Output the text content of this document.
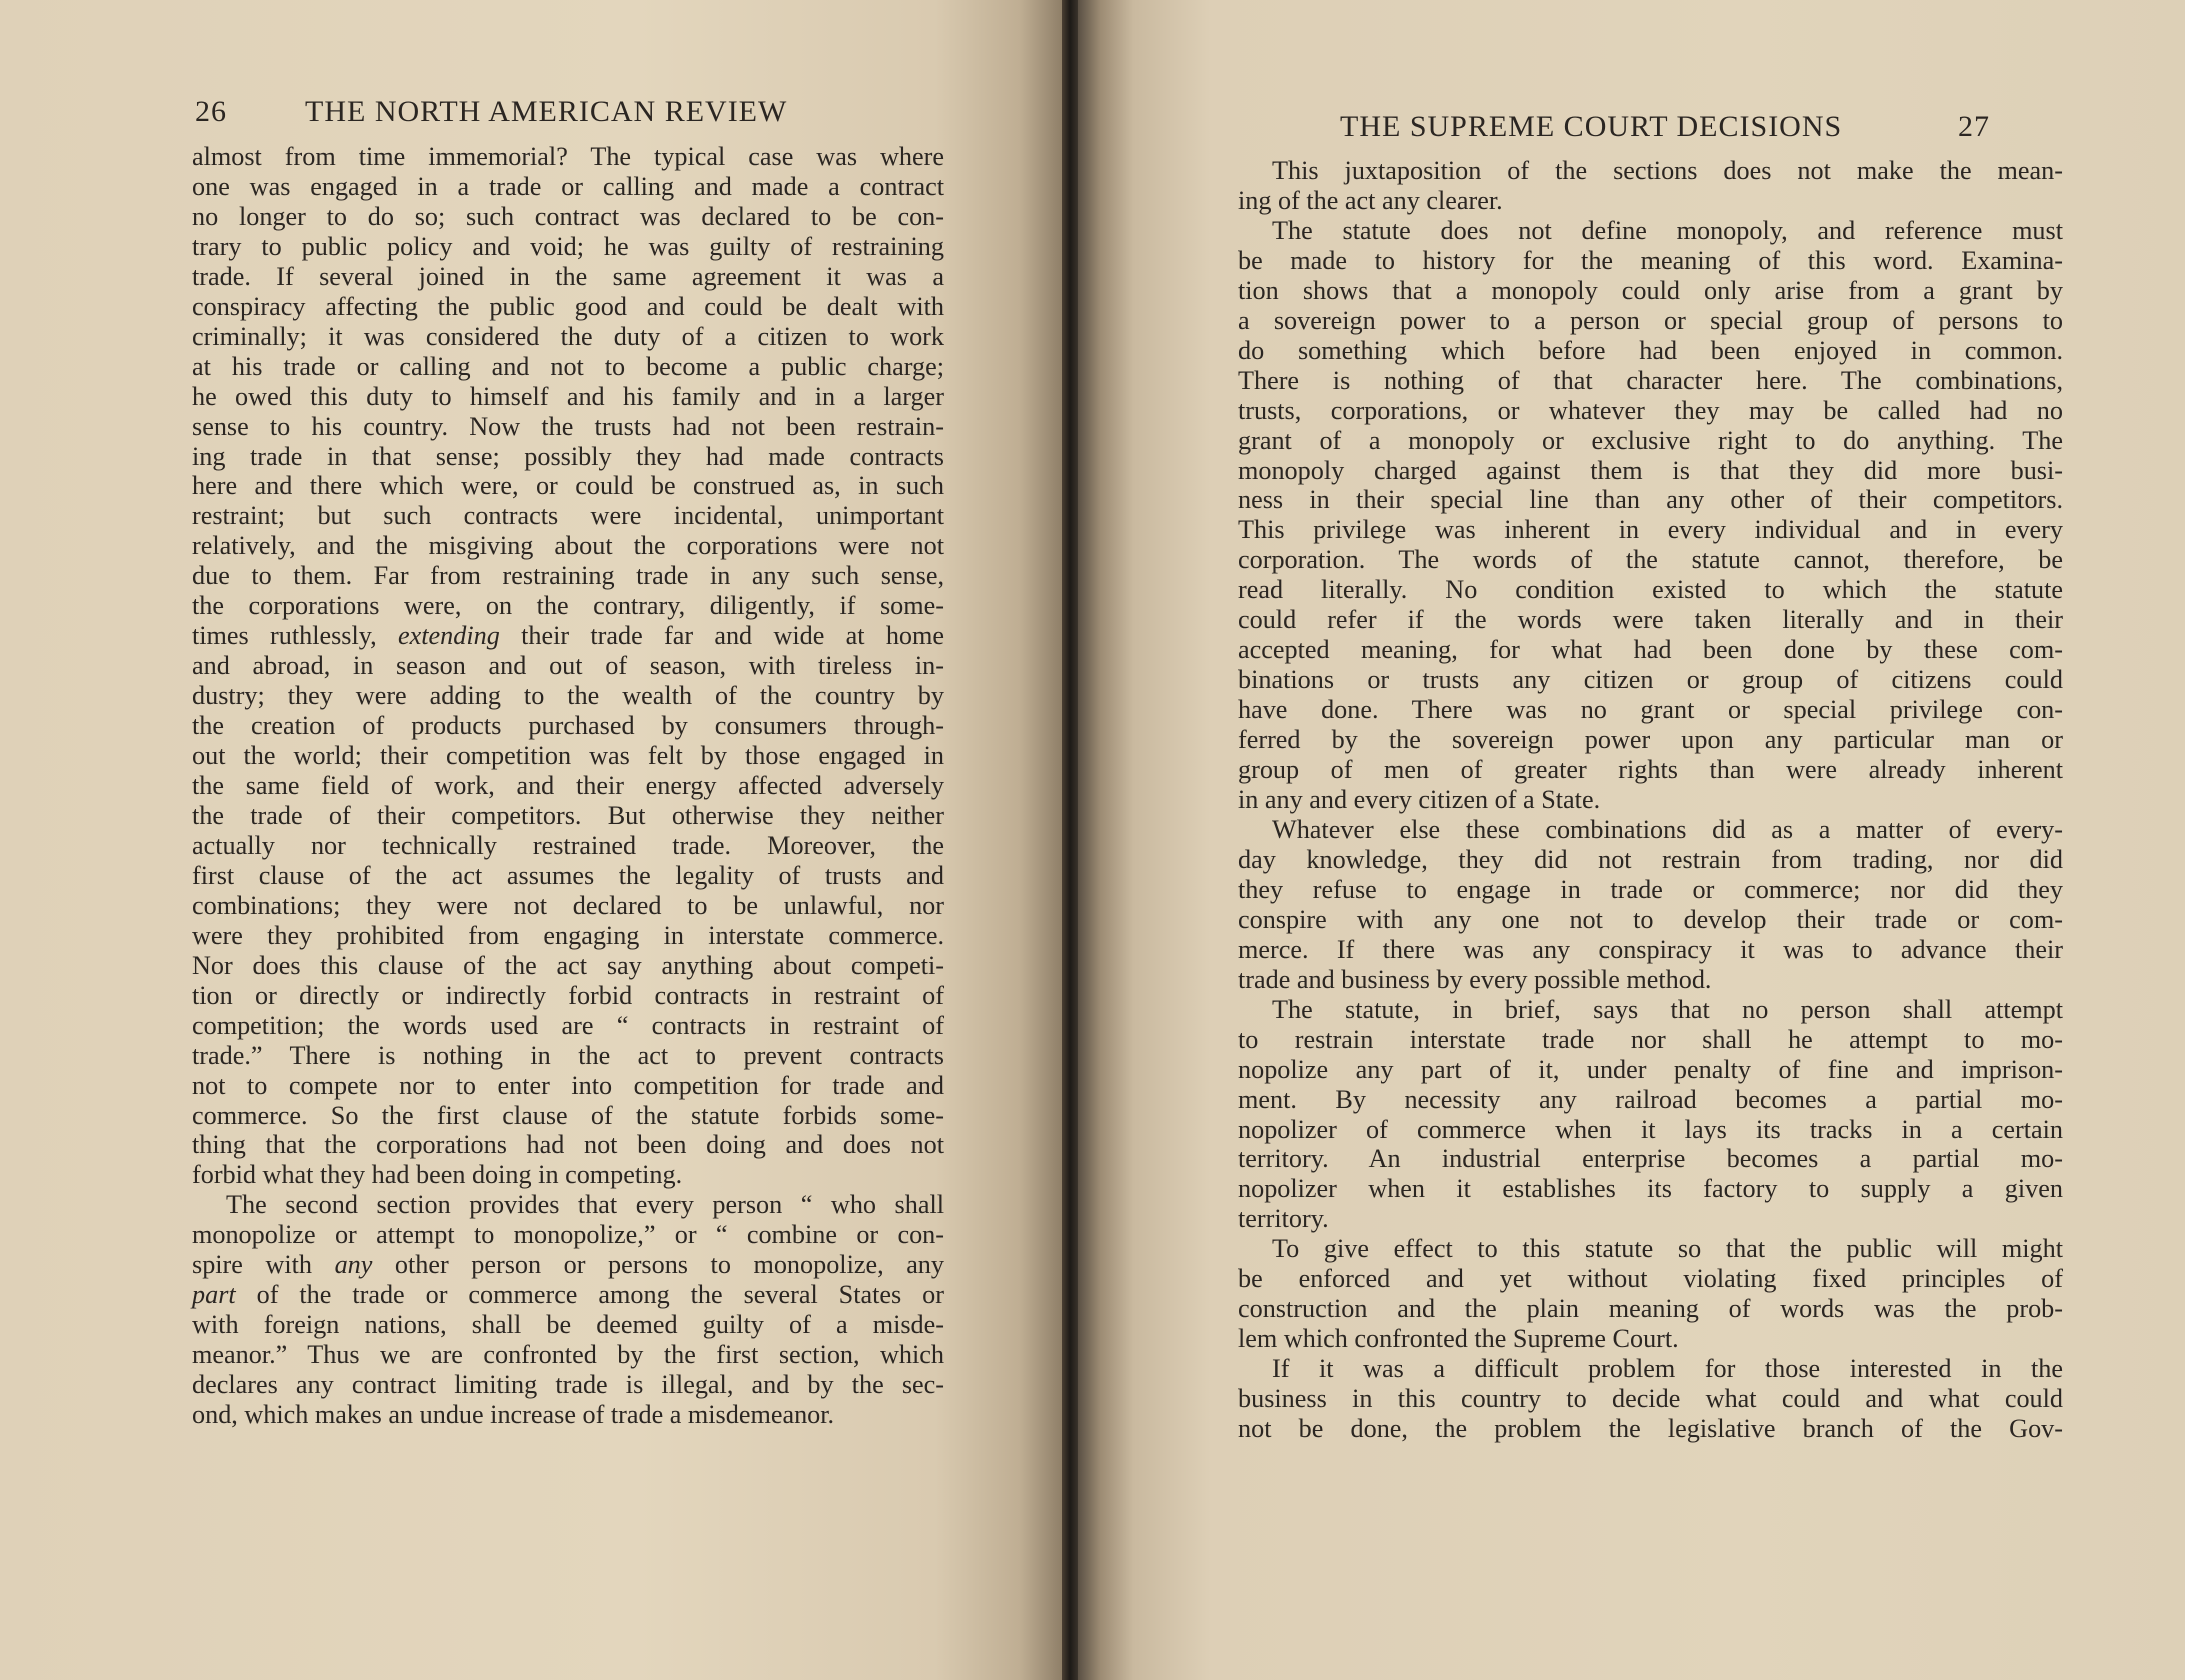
26	THE NORTH AMERICAN REVIEW
almost from time immemorial? The typical case was where
one was engaged in a trade or calling and made a contract
no longer to do so; such contract was declared to be con-
trary to public policy and void; he was guilty of restraining
trade. If several joined in the same agreement it was a
conspiracy affecting the public good and could be dealt with
criminally; it was considered the duty of a citizen to work
at his trade or calling and not to become a public charge;
he owed this duty to himself and his family and in a larger
sense to his country. Now the trusts had not been restrain-
ing trade in that sense; possibly they had made contracts
here and there which were, or could be construed as, in such
restraint; but such contracts were incidental, unimportant
relatively, and the misgiving about the corporations were not
due to them. Far from restraining trade in any such sense,
the corporations were, on the contrary, diligently, if some-
times ruthlessly, extending their trade far and wide at home
and abroad, in season and out of season, with tireless in-
dustry; they were adding to the wealth of the country by
the creation of products purchased by consumers through-
out the world; their competition was felt by those engaged in
the same field of work, and their energy affected adversely
the trade of their competitors. But otherwise they neither
actually nor technically restrained trade. Moreover, the
first clause of the act assumes the legality of trusts and
combinations; they were not declared to be unlawful, nor
were they prohibited from engaging in interstate commerce.
Nor does this clause of the act say anything about competi-
tion or directly or indirectly forbid contracts in restraint of
competition; the words used are “ contracts in restraint of
trade.” There is nothing in the act to prevent contracts
not to compete nor to enter into competition for trade and
commerce. So the first clause of the statute forbids some-
thing that the corporations had not been doing and does not
forbid what they had been doing in competing.
The second section provides that every person “ who shall
monopolize or attempt to monopolize,” or “ combine or con-
spire with any other person or persons to monopolize, any
part of the trade or commerce among the several States or
with foreign nations, shall be deemed guilty of a misde-
meanor.” Thus we are confronted by the first section, which
declares any contract limiting trade is illegal, and by the sec-
ond, which makes an undue increase of trade a misdemeanor.
THE SUPREME COURT DECISIONS	27
This juxtaposition of the sections does not make the mean-
ing of the act any clearer.
The statute does not define monopoly, and reference must
be made to history for the meaning of this word. Examina-
tion shows that a monopoly could only arise from a grant by
a sovereign power to a person or special group of persons to
do something which before had been enjoyed in common.
There is nothing of that character here. The combinations,
trusts, corporations, or whatever they may be called had no
grant of a monopoly or exclusive right to do anything. The
monopoly charged against them is that they did more busi-
ness in their special line than any other of their competitors.
This privilege was inherent in every individual and in every
corporation. The words of the statute cannot, therefore, be
read literally. No condition existed to which the statute
could refer if the words were taken literally and in their
accepted meaning, for what had been done by these com-
binations or trusts any citizen or group of citizens could
have done. There was no grant or special privilege con-
ferred by the sovereign power upon any particular man or
group of men of greater rights than were already inherent
in any and every citizen of a State.
Whatever else these combinations did as a matter of every-
day knowledge, they did not restrain from trading, nor did
they refuse to engage in trade or commerce; nor did they
conspire with any one not to develop their trade or com-
merce. If there was any conspiracy it was to advance their
trade and business by every possible method.
The statute, in brief, says that no person shall attempt
to restrain interstate trade nor shall he attempt to mo-
nopolize any part of it, under penalty of fine and imprison-
ment. By necessity any railroad becomes a partial mo-
nopolizer of commerce when it lays its tracks in a certain
territory. An industrial enterprise becomes a partial mo-
nopolizer when it establishes its factory to supply a given
territory.
To give effect to this statute so that the public will might
be enforced and yet without violating fixed principles of
construction and the plain meaning of words was the prob-
lem which confronted the Supreme Court.
If it was a difficult problem for those interested in the
business in this country to decide what could and what could
not be done, the problem the legislative branch of the Gov-
